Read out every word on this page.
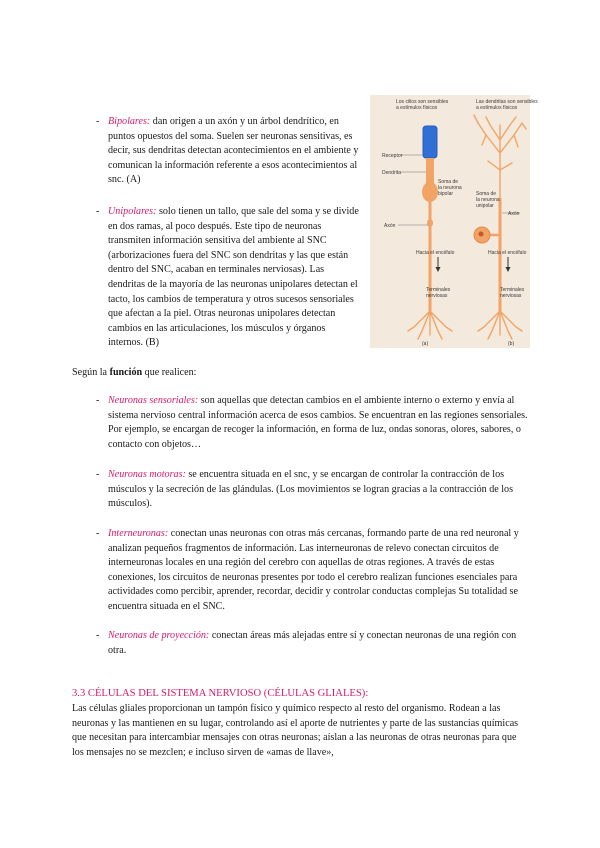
- Bipolares: dan origen a un axón y un árbol dendrítico, en puntos opuestos del soma. Suelen ser neuronas sensitivas, es decir, sus dendritas detectan acontecimientos en el ambiente y comunican la información referente a esos acontecimientos al snc. (A)

- Unipolares: solo tienen un tallo, que sale del soma y se divide en dos ramas, al poco después. Este tipo de neuronas transmiten información sensitiva del ambiente al SNC (arborizaciones fuera del SNC son dendritas y las que están dentro del SNC, acaban en terminales nerviosas). Las dendritas de la mayoría de las neuronas unipolares detectan el tacto, los cambios de temperatura y otros sucesos sensoriales que afectan a la piel. Otras neuronas unipolares detectan cambios en las articulaciones, los músculos y órganos internos. (B)

Los cilios son sensibles
a estímulos físicos
Las dendritas son sensibles
a estímulos físicos
Receptor
Dendrita
Soma de
la neurona
bipolar	Soma de
la neurona
unipolar
Axón
Axón
Hacia el encéfalo	Hacia el encéfalo
Terminales
nerviosas
Terminales
nerviosas
(a)	(b)

Según la función que realicen:

- Neuronas sensoriales: son aquellas que detectan cambios en el ambiente interno o externo y envía al sistema nervioso central información acerca de esos cambios. Se encuentran en las regiones sensoriales. Por ejemplo, se encargan de recoger la información, en forma de luz, ondas sonoras, olores, sabores, o contacto con objetos…

- Neuronas motoras: se encuentra situada en el snc, y se encargan de controlar la contracción de los músculos y la secreción de las glándulas. (Los movimientos se logran gracias a la contracción de los músculos).

- Interneuronas: conectan unas neuronas con otras más cercanas, formando parte de una red neuronal y analizan pequeños fragmentos de información. Las interneuronas de relevo conectan circuitos de interneuronas locales en una región del cerebro con aquellas de otras regiones. A través de estas conexiones, los circuitos de neuronas presentes por todo el cerebro realizan funciones esenciales para actividades como percibir, aprender, recordar, decidir y controlar conductas complejas Su totalidad se encuentra situada en el SNC.

- Neuronas de proyección: conectan áreas más alejadas entre sí y conectan neuronas de una región con otra.

3.3 CÉLULAS DEL SISTEMA NERVIOSO (CÉLULAS GLIALES):

Las células gliales proporcionan un tampón físico y químico respecto al resto del organismo. Rodean a las neuronas y las mantienen en su lugar, controlando así el aporte de nutrientes y parte de las sustancias químicas que necesitan para intercambiar mensajes con otras neuronas; aíslan a las neuronas de otras neuronas para que los mensajes no se mezclen; e incluso sirven de «amas de llave»,
